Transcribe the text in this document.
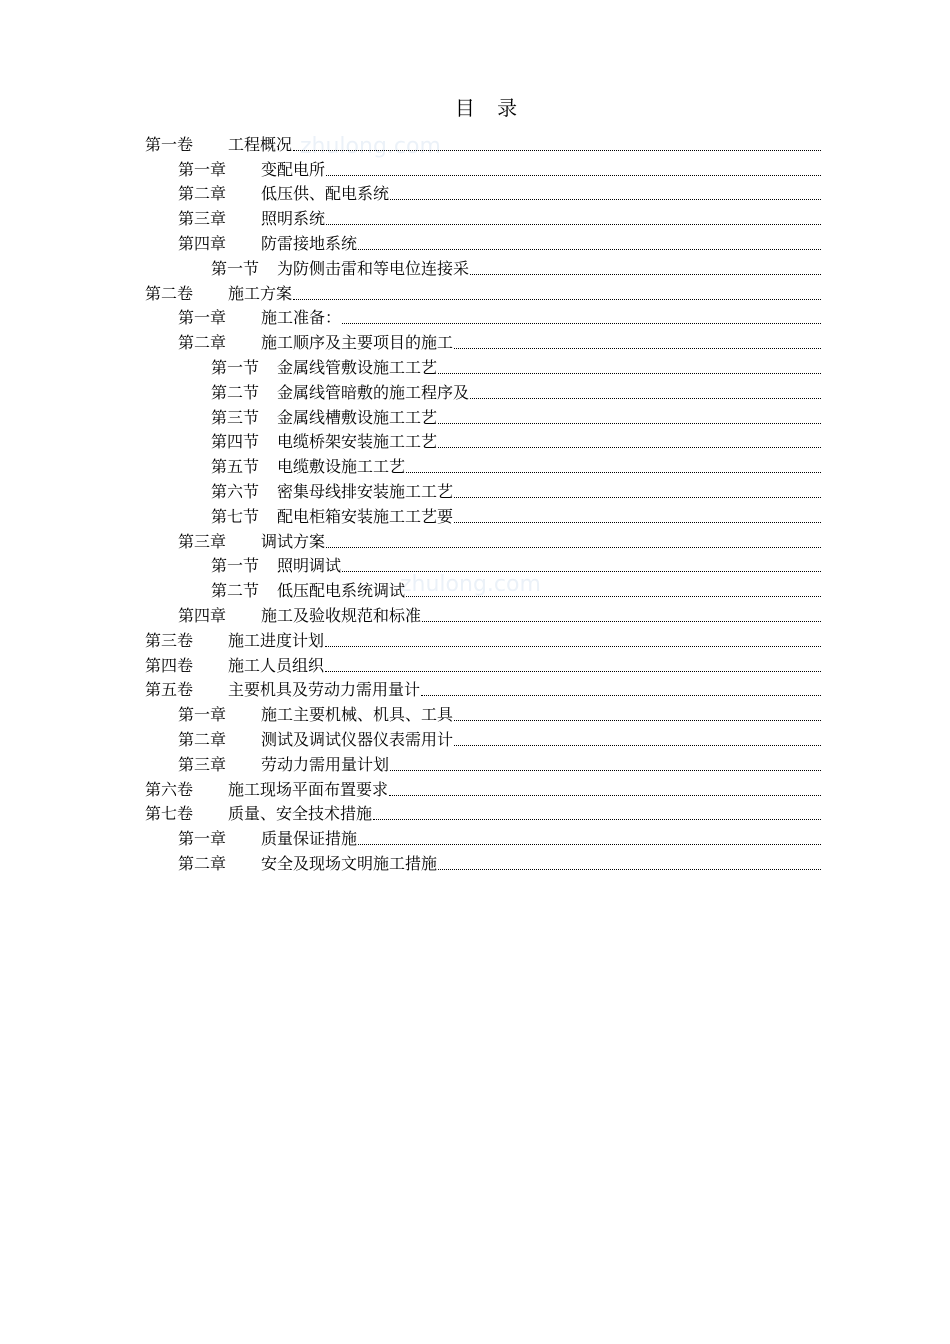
zhulong.com
zhulong.com
目 录
第一卷	工程概况
第一章	变配电所
第二章	低压供、配电系统
第三章	照明系统
第四章	防雷接地系统
第一节	为防侧击雷和等电位连接采
第二卷	施工方案
第一章	施工准备：
第二章	施工顺序及主要项目的施工
第一节	金属线管敷设施工工艺
第二节	金属线管暗敷的施工程序及
第三节	金属线槽敷设施工工艺
第四节	电缆桥架安装施工工艺
第五节	电缆敷设施工工艺
第六节	密集母线排安装施工工艺
第七节	配电柜箱安装施工工艺要
第三章	调试方案
第一节	照明调试
第二节	低压配电系统调试
第四章	施工及验收规范和标准
第三卷	施工进度计划
第四卷	施工人员组织
第五卷	主要机具及劳动力需用量计
第一章	施工主要机械、机具、工具
第二章	测试及调试仪器仪表需用计
第三章	劳动力需用量计划
第六卷	施工现场平面布置要求
第七卷	质量、安全技术措施
第一章	质量保证措施
第二章	安全及现场文明施工措施
